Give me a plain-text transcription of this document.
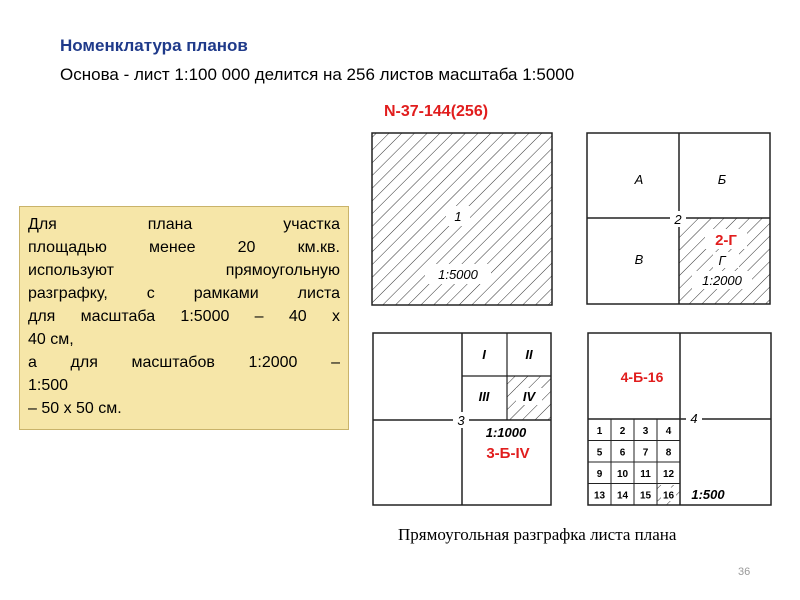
Номенклатура планов
Основа - лист 1:100 000 делится на 256 листов масштаба 1:5000
Для плана участка
площадью менее 20 км.кв.
используют прямоугольную
разграфку, с рамками листа
для масштаба 1:5000 – 40 х
40 см,
а для масштабов 1:2000 –
1:500
– 50 х 50 см.
N-37-144(256)
1
1:5000
А	Б
В
2
2-Г
Г
1:2000
I	II
III	IV
3
1:1000
3-Б-IV
4-Б-16
4
1 2 3 4
5 6 7 8
9 10 11 12
13 14 15 16 1:500
Прямоугольная разграфка листа плана
36
